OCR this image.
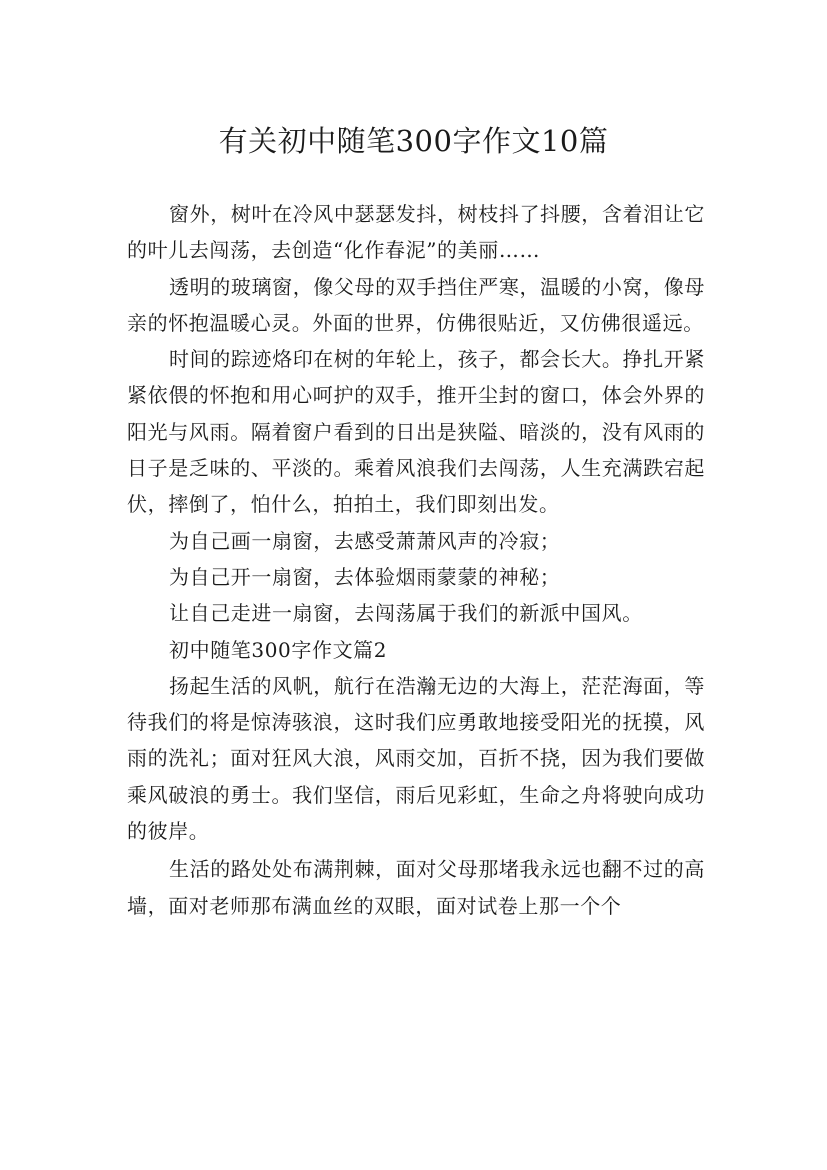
有关初中随笔300字作文10篇

窗外，树叶在冷风中瑟瑟发抖，树枝抖了抖腰，含着泪让它的叶儿去闯荡，去创造“化作春泥”的美丽……

透明的玻璃窗，像父母的双手挡住严寒，温暖的小窝，像母亲的怀抱温暖心灵。外面的世界，仿佛很贴近，又仿佛很遥远。

时间的踪迹烙印在树的年轮上，孩子，都会长大。挣扎开紧紧依偎的怀抱和用心呵护的双手，推开尘封的窗口，体会外界的阳光与风雨。隔着窗户看到的日出是狭隘、暗淡的，没有风雨的日子是乏味的、平淡的。乘着风浪我们去闯荡，人生充满跌宕起伏，摔倒了，怕什么，拍拍土，我们即刻出发。

为自己画一扇窗，去感受萧萧风声的冷寂；

为自己开一扇窗，去体验烟雨蒙蒙的神秘；

让自己走进一扇窗，去闯荡属于我们的新派中国风。

初中随笔300字作文篇2

扬起生活的风帆，航行在浩瀚无边的大海上，茫茫海面，等待我们的将是惊涛骇浪，这时我们应勇敢地接受阳光的抚摸，风雨的洗礼；面对狂风大浪，风雨交加，百折不挠，因为我们要做乘风破浪的勇士。我们坚信，雨后见彩虹，生命之舟将驶向成功的彼岸。

生活的路处处布满荆棘，面对父母那堵我永远也翻不过的高墙，面对老师那布满血丝的双眼，面对试卷上那一个个
